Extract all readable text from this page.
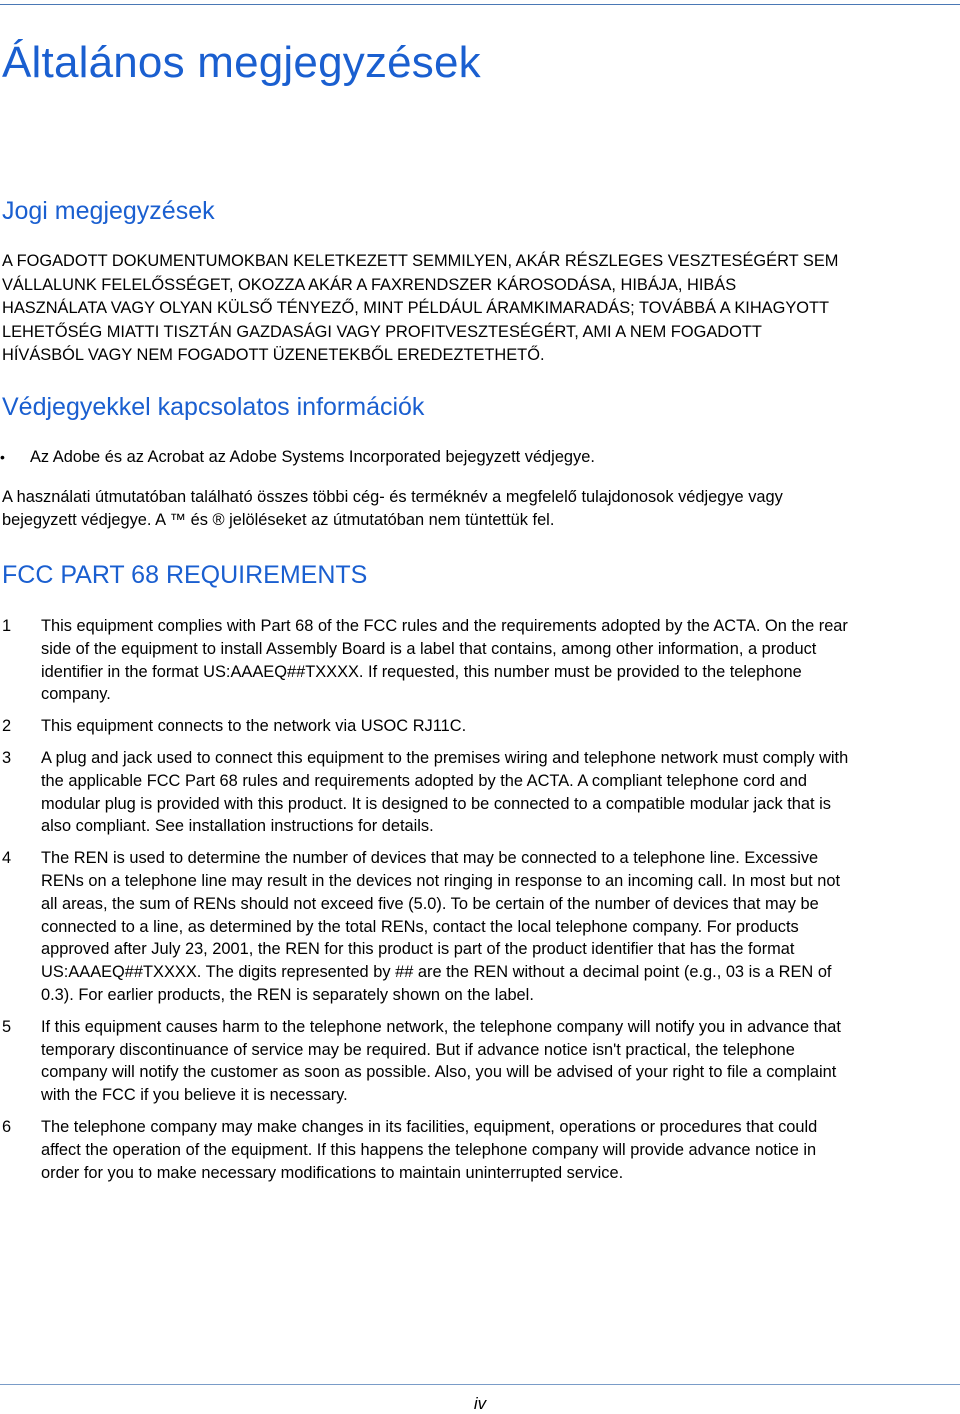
Általános megjegyzések
Jogi megjegyzések

A FOGADOTT DOKUMENTUMOKBAN KELETKEZETT SEMMILYEN, AKÁR RÉSZLEGES VESZTESÉGÉRT SEM
VÁLLALUNK FELELŐSSÉGET, OKOZZA AKÁR A FAXRENDSZER KÁROSODÁSA, HIBÁJA, HIBÁS
HASZNÁLATA VAGY OLYAN KÜLSŐ TÉNYEZŐ, MINT PÉLDÁUL ÁRAMKIMARADÁS; TOVÁBBÁ A KIHAGYOTT
LEHETŐSÉG MIATTI TISZTÁN GAZDASÁGI VAGY PROFITVESZTESÉGÉRT, AMI A NEM FOGADOTT
HÍVÁSBÓL VAGY NEM FOGADOTT ÜZENETEKBŐL EREDEZTETHETŐ.

Védjegyekkel kapcsolatos információk
• Az Adobe és az Acrobat az Adobe Systems Incorporated bejegyzett védjegye.

A használati útmutatóban található összes többi cég- és terméknév a megfelelő tulajdonosok védjegye vagy
bejegyzett védjegye. A ™ és ® jelöléseket az útmutatóban nem tüntettük fel.

FCC PART 68 REQUIREMENTS
1	This equipment complies with Part 68 of the FCC rules and the requirements adopted by the ACTA. On the rear
side of the equipment to install Assembly Board is a label that contains, among other information, a product
identifier in the format US:AAAEQ##TXXXX. If requested, this number must be provided to the telephone
company.
2	This equipment connects to the network via USOC RJ11C.
3	A plug and jack used to connect this equipment to the premises wiring and telephone network must comply with
the applicable FCC Part 68 rules and requirements adopted by the ACTA. A compliant telephone cord and
modular plug is provided with this product. It is designed to be connected to a compatible modular jack that is
also compliant. See installation instructions for details.
4	The REN is used to determine the number of devices that may be connected to a telephone line. Excessive
RENs on a telephone line may result in the devices not ringing in response to an incoming call. In most but not
all areas, the sum of RENs should not exceed five (5.0). To be certain of the number of devices that may be
connected to a line, as determined by the total RENs, contact the local telephone company. For products
approved after July 23, 2001, the REN for this product is part of the product identifier that has the format
US:AAAEQ##TXXXX. The digits represented by ## are the REN without a decimal point (e.g., 03 is a REN of
0.3). For earlier products, the REN is separately shown on the label.
5	If this equipment causes harm to the telephone network, the telephone company will notify you in advance that
temporary discontinuance of service may be required. But if advance notice isn't practical, the telephone
company will notify the customer as soon as possible. Also, you will be advised of your right to file a complaint
with the FCC if you believe it is necessary.
6	The telephone company may make changes in its facilities, equipment, operations or procedures that could
affect the operation of the equipment. If this happens the telephone company will provide advance notice in
order for you to make necessary modifications to maintain uninterrupted service.
iv
